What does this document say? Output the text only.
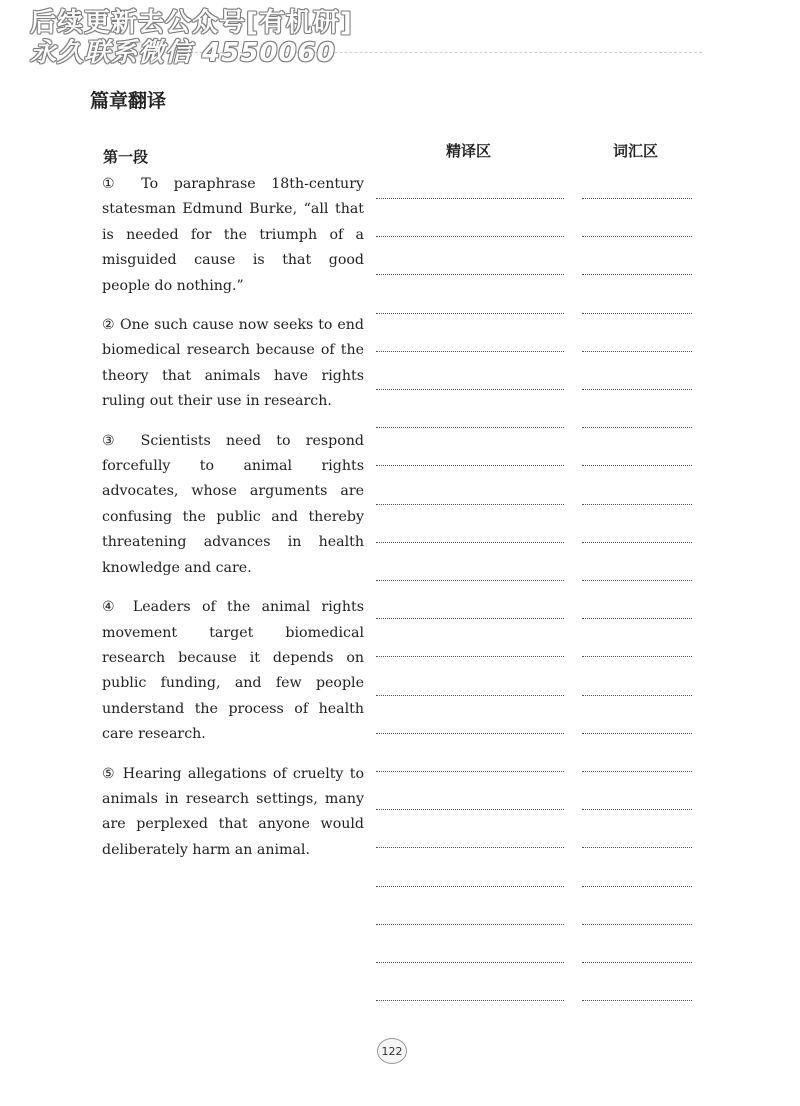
后续更新去公众号[有机研]
永久联系微信 4550060
篇章翻译
精译区	词汇区
第一段

① To paraphrase 18th-century statesman Edmund Burke, “all that is needed for the triumph of a misguided cause is that good people do nothing.”

② One such cause now seeks to end biomedical research because of the theory that animals have rights ruling out their use in research.

③ Scientists need to respond forcefully to animal rights advocates, whose arguments are confusing the public and thereby threatening advances in health knowledge and care.

④ Leaders of the animal rights movement target biomedical research because it depends on public funding, and few people understand the process of health care research.

⑤ Hearing allegations of cruelty to animals in research settings, many are perplexed that anyone would deliberately harm an animal.

122
